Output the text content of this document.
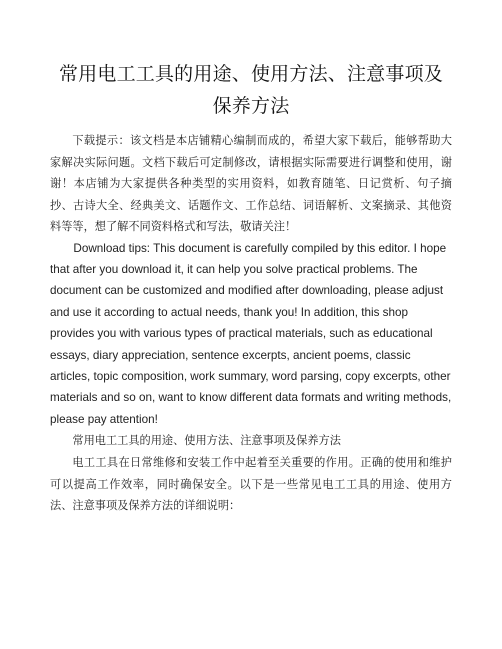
常用电工工具的用途、使用方法、注意事项及保养方法

下载提示：该文档是本店铺精心编制而成的，希望大家下载后，能够帮助大家解决实际问题。文档下载后可定制修改，请根据实际需要进行调整和使用，谢谢！本店铺为大家提供各种类型的实用资料，如教育随笔、日记赏析、句子摘抄、古诗大全、经典美文、话题作文、工作总结、词语解析、文案摘录、其他资料等等，想了解不同资料格式和写法，敬请关注！

Download tips: This document is carefully compiled by this editor. I hope that after you download it, it can help you solve practical problems. The document can be customized and modified after downloading, please adjust and use it according to actual needs, thank you! In addition, this shop provides you with various types of practical materials, such as educational essays, diary appreciation, sentence excerpts, ancient poems, classic articles, topic composition, work summary, word parsing, copy excerpts, other materials and so on, want to know different data formats and writing methods, please pay attention!

常用电工工具的用途、使用方法、注意事项及保养方法

电工工具在日常维修和安装工作中起着至关重要的作用。正确的使用和维护可以提高工作效率，同时确保安全。以下是一些常见电工工具的用途、使用方法、注意事项及保养方法的详细说明：
